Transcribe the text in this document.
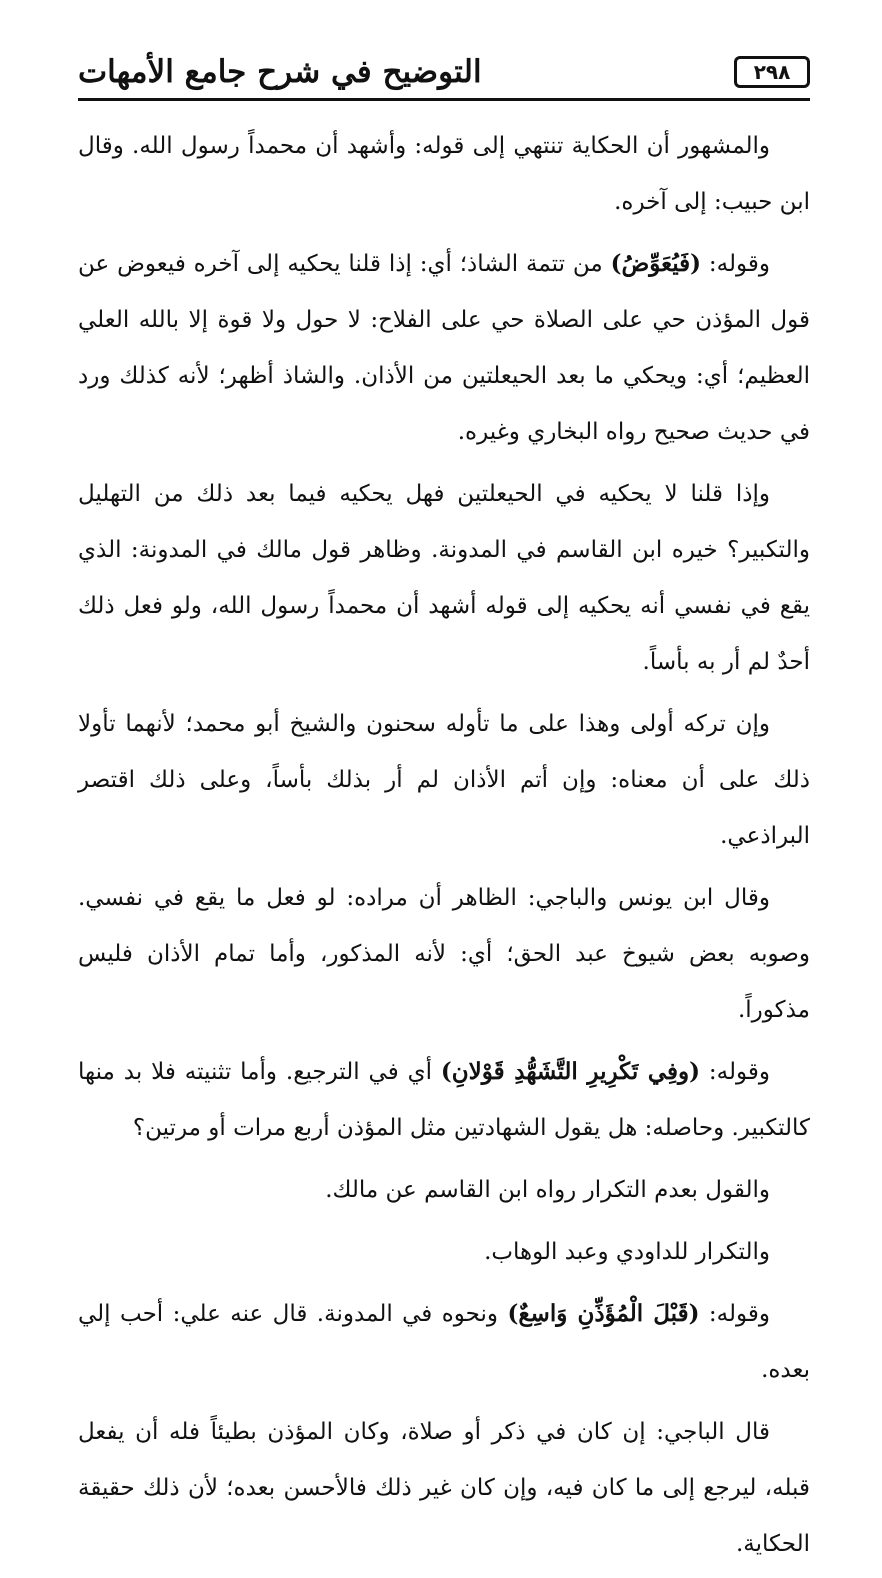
التوضيح في شرح جامع الأمهات	٢٩٨

والمشهور أن الحكاية تنتهي إلى قوله: وأشهد أن محمداً رسول الله. وقال ابن حبيب: إلى آخره.

وقوله: (فَيُعَوِّضُ) من تتمة الشاذ؛ أي: إذا قلنا يحكيه إلى آخره فيعوض عن قول المؤذن حي على الصلاة حي على الفلاح: لا حول ولا قوة إلا بالله العلي العظيم؛ أي: ويحكي ما بعد الحيعلتين من الأذان. والشاذ أظهر؛ لأنه كذلك ورد في حديث صحيح رواه البخاري وغيره.

وإذا قلنا لا يحكيه في الحيعلتين فهل يحكيه فيما بعد ذلك من التهليل والتكبير؟ خيره ابن القاسم في المدونة. وظاهر قول مالك في المدونة: الذي يقع في نفسي أنه يحكيه إلى قوله أشهد أن محمداً رسول الله، ولو فعل ذلك أحدٌ لم أر به بأساً.

وإن تركه أولى وهذا على ما تأوله سحنون والشيخ أبو محمد؛ لأنهما تأولا ذلك على أن معناه: وإن أتم الأذان لم أر بذلك بأساً، وعلى ذلك اقتصر البراذعي.

وقال ابن يونس والباجي: الظاهر أن مراده: لو فعل ما يقع في نفسي. وصوبه بعض شيوخ عبد الحق؛ أي: لأنه المذكور، وأما تمام الأذان فليس مذكوراً.

وقوله: (وفِي تَكْرِيرِ التَّشَهُّدِ قَوْلانِ) أي في الترجيع. وأما تثنيته فلا بد منها كالتكبير. وحاصله: هل يقول الشهادتين مثل المؤذن أربع مرات أو مرتين؟

والقول بعدم التكرار رواه ابن القاسم عن مالك.

والتكرار للداودي وعبد الوهاب.

وقوله: (قَبْلَ الْمُؤَذِّنِ وَاسِعٌ) ونحوه في المدونة. قال عنه علي: أحب إلي بعده.

قال الباجي: إن كان في ذكر أو صلاة، وكان المؤذن بطيئاً فله أن يفعل قبله، ليرجع إلى ما كان فيه، وإن كان غير ذلك فالأحسن بعده؛ لأن ذلك حقيقة الحكاية.
